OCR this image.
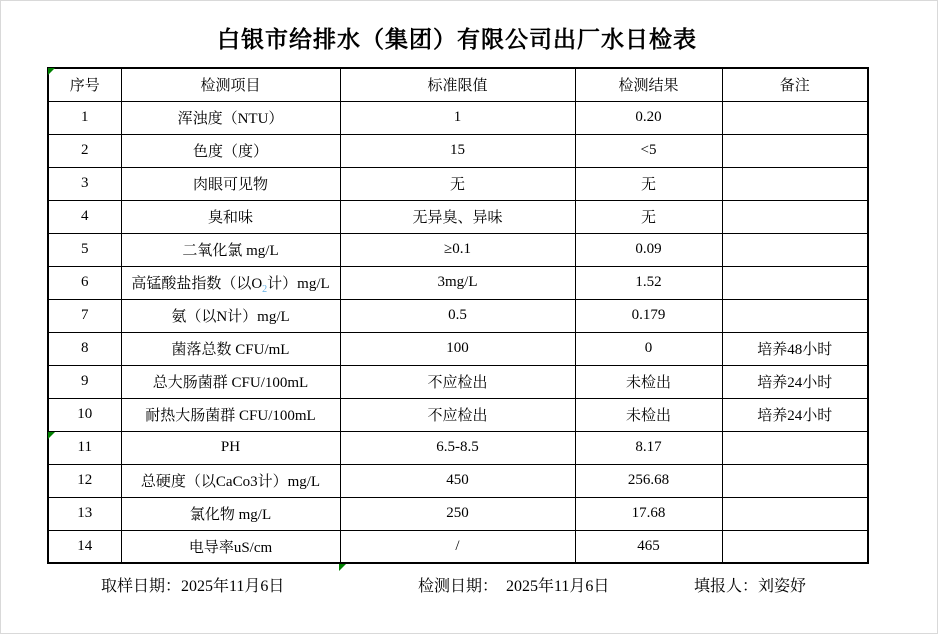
白银市给排水（集团）有限公司出厂水日检表
序号	检测项目	标准限值	检测结果	备注
1	浑浊度（NTU）	1	0.20	
2	色度（度）	15	<5	
3	肉眼可见物	无	无	
4	臭和味	无异臭、异味	无	
5	二氧化氯 mg/L	≥0.1	0.09	
6	高锰酸盐指数（以$O_2$计）mg/L	3mg/L	1.52	
7	氨（以N计）mg/L	0.5	0.179	
8	菌落总数 CFU/mL	100	0	培养48小时
9	总大肠菌群 CFU/100mL	不应检出	未检出	培养24小时
10	耐热大肠菌群 CFU/100mL	不应检出	未检出	培养24小时
11	PH	6.5-8.5	8.17	
12	总硬度（以CaCo3计）mg/L	450	256.68	
13	氯化物 mg/L	250	17.68	
14	电导率uS/cm	/	465	
取样日期：2025年11月6日	检测日期：  2025年11月6日	填报人：刘姿妤
